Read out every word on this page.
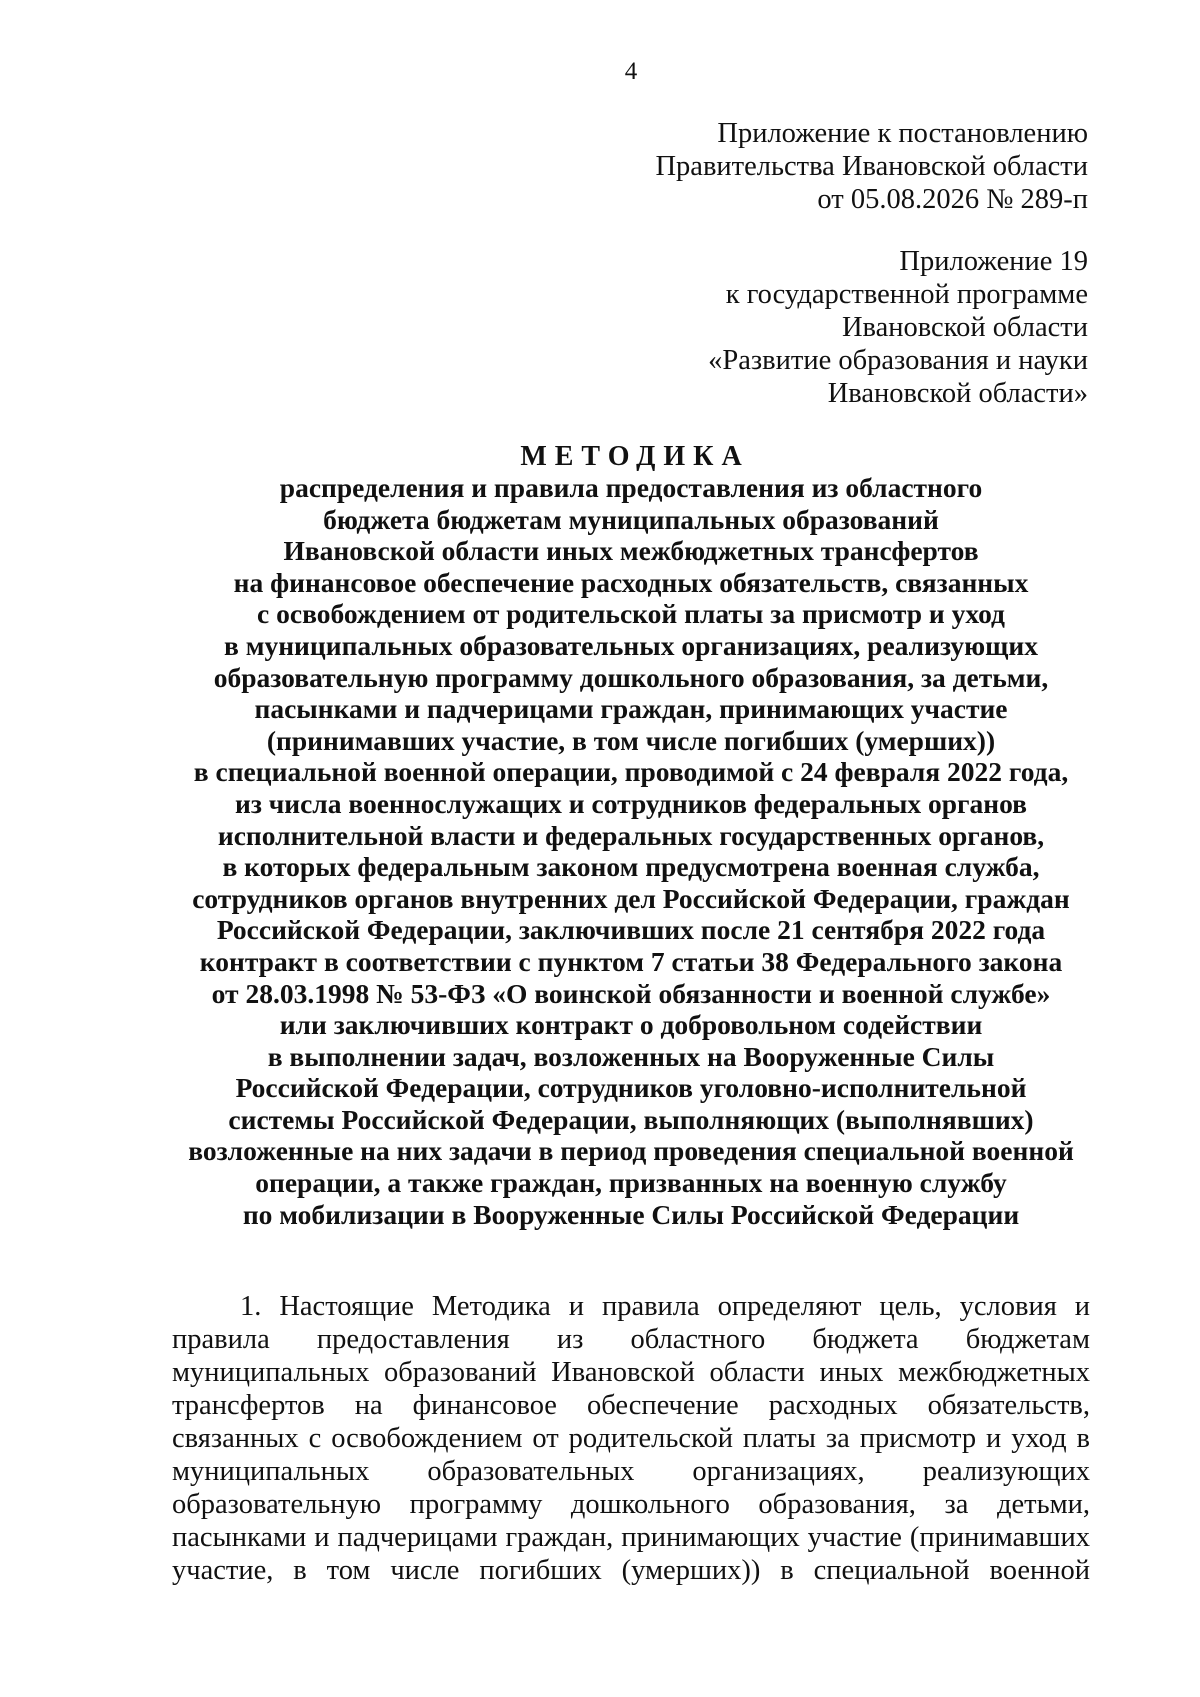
4
Приложение к постановлению
Правительства Ивановской области
от 05.08.2026 № 289-п
Приложение 19
к государственной программе
Ивановской области
«Развитие образования и науки
Ивановской области»
МЕТОДИКА
распределения и правила предоставления из областного
бюджета бюджетам муниципальных образований
Ивановской области иных межбюджетных трансфертов
на финансовое обеспечение расходных обязательств, связанных
с освобождением от родительской платы за присмотр и уход
в муниципальных образовательных организациях, реализующих
образовательную программу дошкольного образования, за детьми,
пасынками и падчерицами граждан, принимающих участие
(принимавших участие, в том числе погибших (умерших))
в специальной военной операции, проводимой с 24 февраля 2022 года,
из числа военнослужащих и сотрудников федеральных органов
исполнительной власти и федеральных государственных органов,
в которых федеральным законом предусмотрена военная служба,
сотрудников органов внутренних дел Российской Федерации, граждан
Российской Федерации, заключивших после 21 сентября 2022 года
контракт в соответствии с пунктом 7 статьи 38 Федерального закона
от 28.03.1998 № 53-ФЗ «О воинской обязанности и военной службе»
или заключивших контракт о добровольном содействии
в выполнении задач, возложенных на Вооруженные Силы
Российской Федерации, сотрудников уголовно-исполнительной
системы Российской Федерации, выполняющих (выполнявших)
возложенные на них задачи в период проведения специальной военной
операции, а также граждан, призванных на военную службу
по мобилизации в Вооруженные Силы Российской Федерации
1. Настоящие Методика и правила определяют цель, условия и
правила предоставления из областного бюджета бюджетам
муниципальных образований Ивановской области иных межбюджетных
трансфертов на финансовое обеспечение расходных обязательств,
связанных с освобождением от родительской платы за присмотр и уход в
муниципальных образовательных организациях, реализующих
образовательную программу дошкольного образования, за детьми,
пасынками и падчерицами граждан, принимающих участие (принимавших
участие, в том числе погибших (умерших)) в специальной военной
